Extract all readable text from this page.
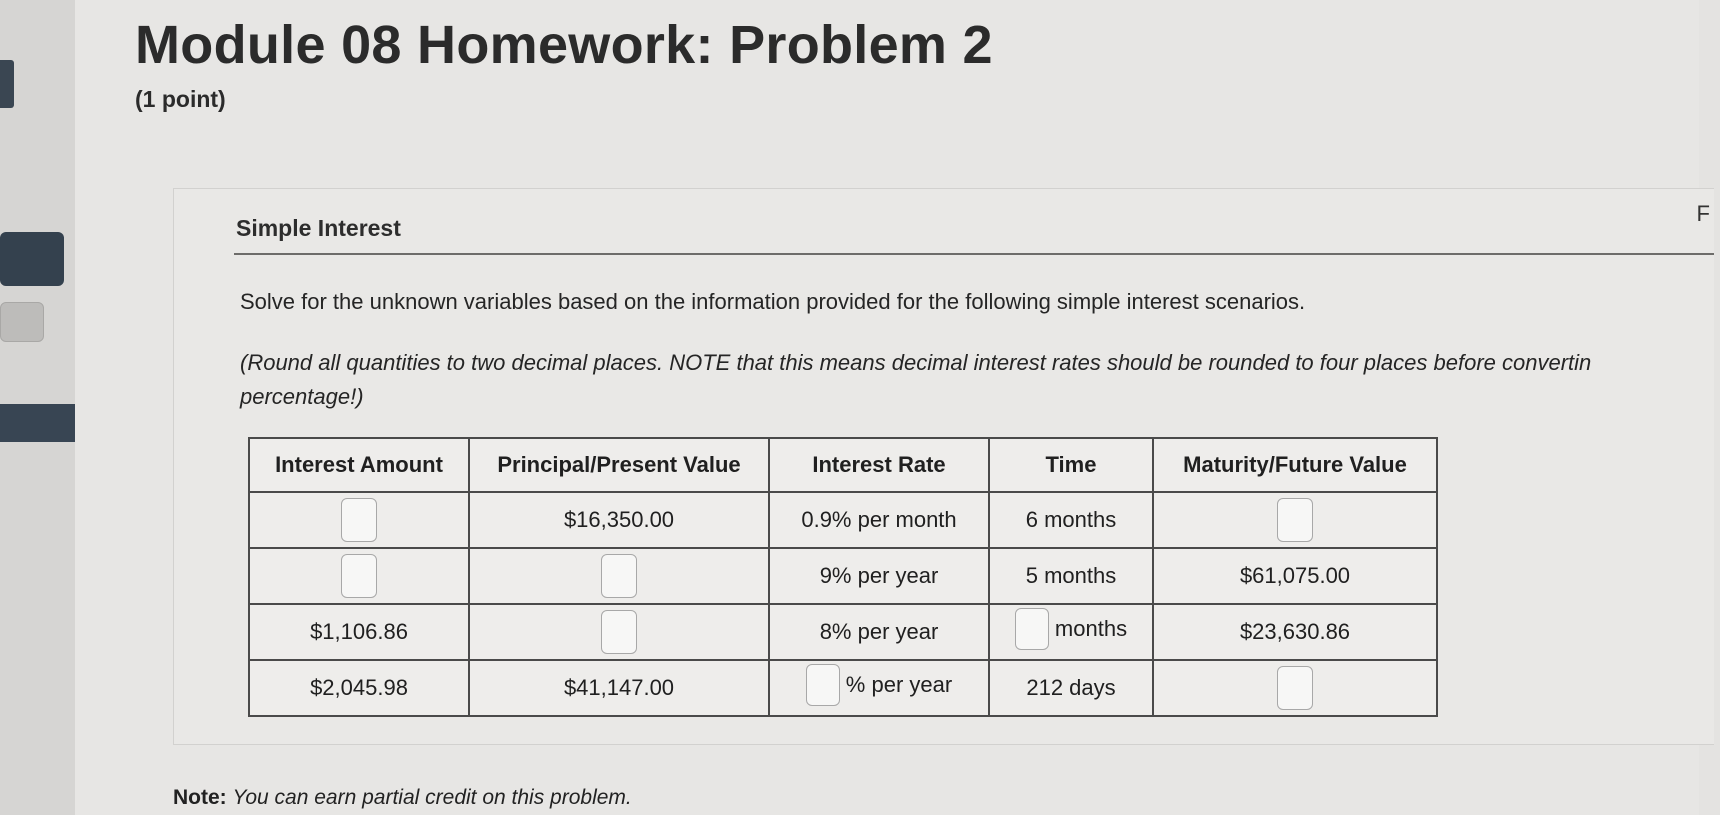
Module 08 Homework: Problem 2
(1 point)
Simple Interest
F
Solve for the unknown variables based on the information provided for the following simple interest scenarios.
(Round all quantities to two decimal places. NOTE that this means decimal interest rates should be rounded to four places before convertin
percentage!)
Interest Amount	Principal/Present Value	Interest Rate	Time	Maturity/Future Value
	$16,350.00	0.9% per month	6 months	
		9% per year	5 months	$61,075.00
$1,106.86		8% per year	months	$23,630.86
$2,045.98	$41,147.00	% per year	212 days	
Note: You can earn partial credit on this problem.
